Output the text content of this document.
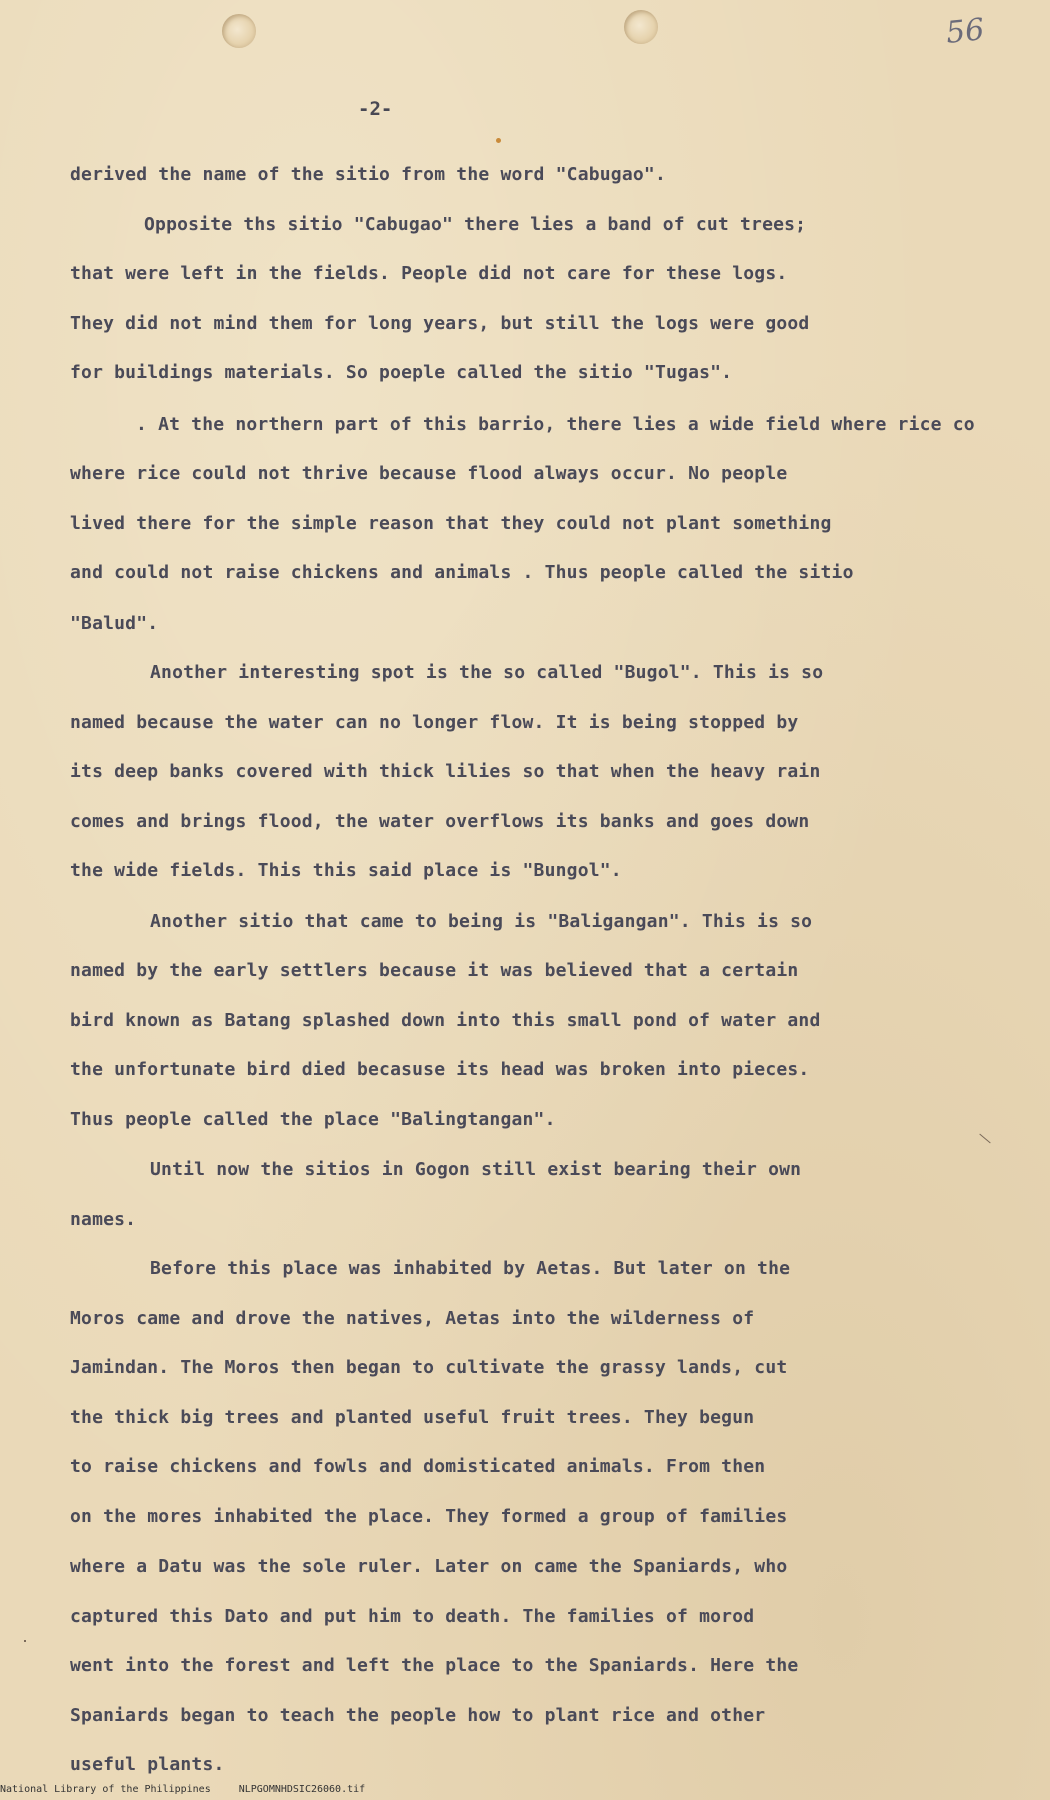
56
-2-
derived the name of the sitio from the word "Cabugao".
Opposite ths sitio "Cabugao" there lies a band of cut trees;
that were left in the fields. People did not care for these logs.
They did not mind them for long years, but still the logs were good
for buildings materials. So poeple called the sitio "Tugas".
. At the northern part of this barrio, there lies a wide field where rice co
where rice could not thrive because flood always occur. No people
lived there for the simple reason that they could not plant something
and could not raise chickens and animals . Thus people called the sitio
"Balud".
Another interesting spot is the so called "Bugol". This is so
named because the water can no longer flow. It is being stopped by
its deep banks covered with thick lilies so that when the heavy rain
comes and brings flood, the water overflows its banks and goes down
the wide fields. This this said place is "Bungol".
Another sitio that came to being is "Baligangan". This is so
named by the early settlers because it was believed that a certain
bird known as Batang splashed down into this small pond of water and
the unfortunate bird died becasuse its head was broken into pieces.
Thus people called the place "Balingtangan".
Until now the sitios in Gogon still exist bearing their own
names.
Before this place was inhabited by Aetas. But later on the
Moros came and drove the natives, Aetas into the wilderness of
Jamindan. The Moros then began to cultivate the grassy lands, cut
the thick big trees and planted useful fruit trees. They begun
to raise chickens and fowls and domisticated animals. From then
on the mores inhabited the place. They formed a group of families
where a Datu was the sole ruler. Later on came the Spaniards, who
captured this Dato and put him to death. The families of morod
went into the forest and left the place to the Spaniards. Here the
Spaniards began to teach the people how to plant rice and other
useful plants.
National Library of the Philippines	NLPGOMNHDSIC26060.tif
